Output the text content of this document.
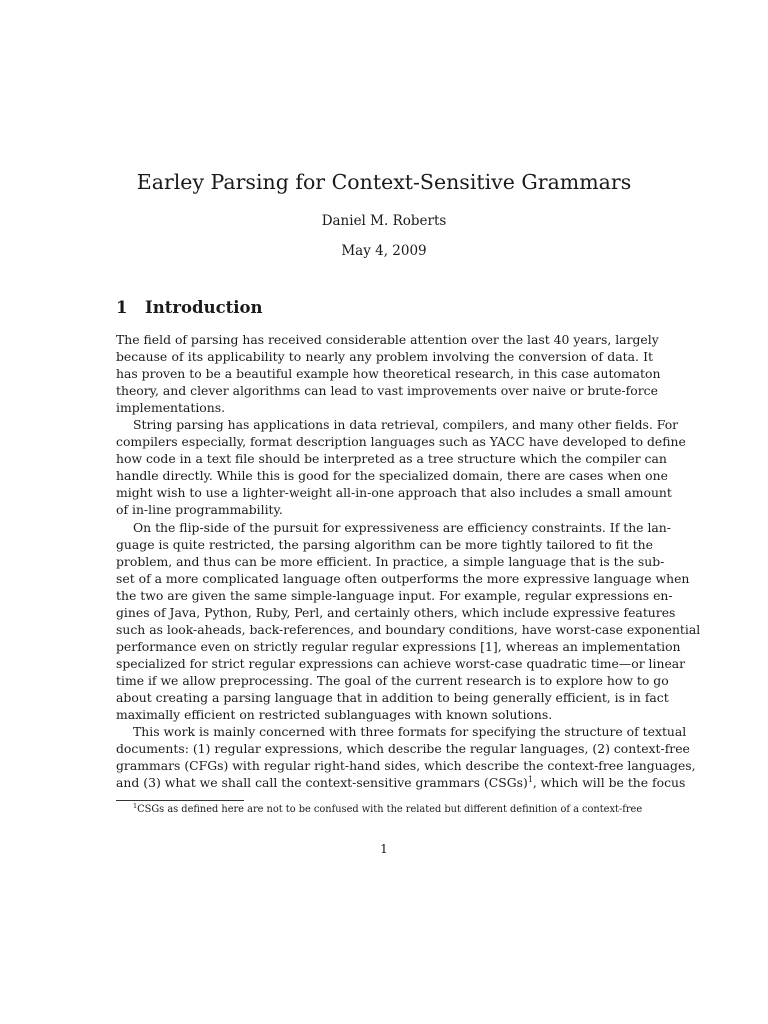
Earley Parsing for Context-Sensitive Grammars
Daniel M. Roberts
May 4, 2009
1 Introduction
The field of parsing has received considerable attention over the last 40 years, largely
because of its applicability to nearly any problem involving the conversion of data. It
has proven to be a beautiful example how theoretical research, in this case automaton
theory, and clever algorithms can lead to vast improvements over naive or brute-force
implementations.
String parsing has applications in data retrieval, compilers, and many other fields. For
compilers especially, format description languages such as YACC have developed to define
how code in a text file should be interpreted as a tree structure which the compiler can
handle directly. While this is good for the specialized domain, there are cases when one
might wish to use a lighter-weight all-in-one approach that also includes a small amount
of in-line programmability.
On the flip-side of the pursuit for expressiveness are efficiency constraints. If the lan-
guage is quite restricted, the parsing algorithm can be more tightly tailored to fit the
problem, and thus can be more efficient. In practice, a simple language that is the sub-
set of a more complicated language often outperforms the more expressive language when
the two are given the same simple-language input. For example, regular expressions en-
gines of Java, Python, Ruby, Perl, and certainly others, which include expressive features
such as look-aheads, back-references, and boundary conditions, have worst-case exponential
performance even on strictly regular regular expressions [1], whereas an implementation
specialized for strict regular expressions can achieve worst-case quadratic time—or linear
time if we allow preprocessing. The goal of the current research is to explore how to go
about creating a parsing language that in addition to being generally efficient, is in fact
maximally efficient on restricted sublanguages with known solutions.
This work is mainly concerned with three formats for specifying the structure of textual
documents: (1) regular expressions, which describe the regular languages, (2) context-free
grammars (CFGs) with regular right-hand sides, which describe the context-free languages,
and (3) what we shall call the context-sensitive grammars (CSGs)$^1$, which will be the focus
$^1$CSGs as defined here are not to be confused with the related but different definition of a context-free
1
